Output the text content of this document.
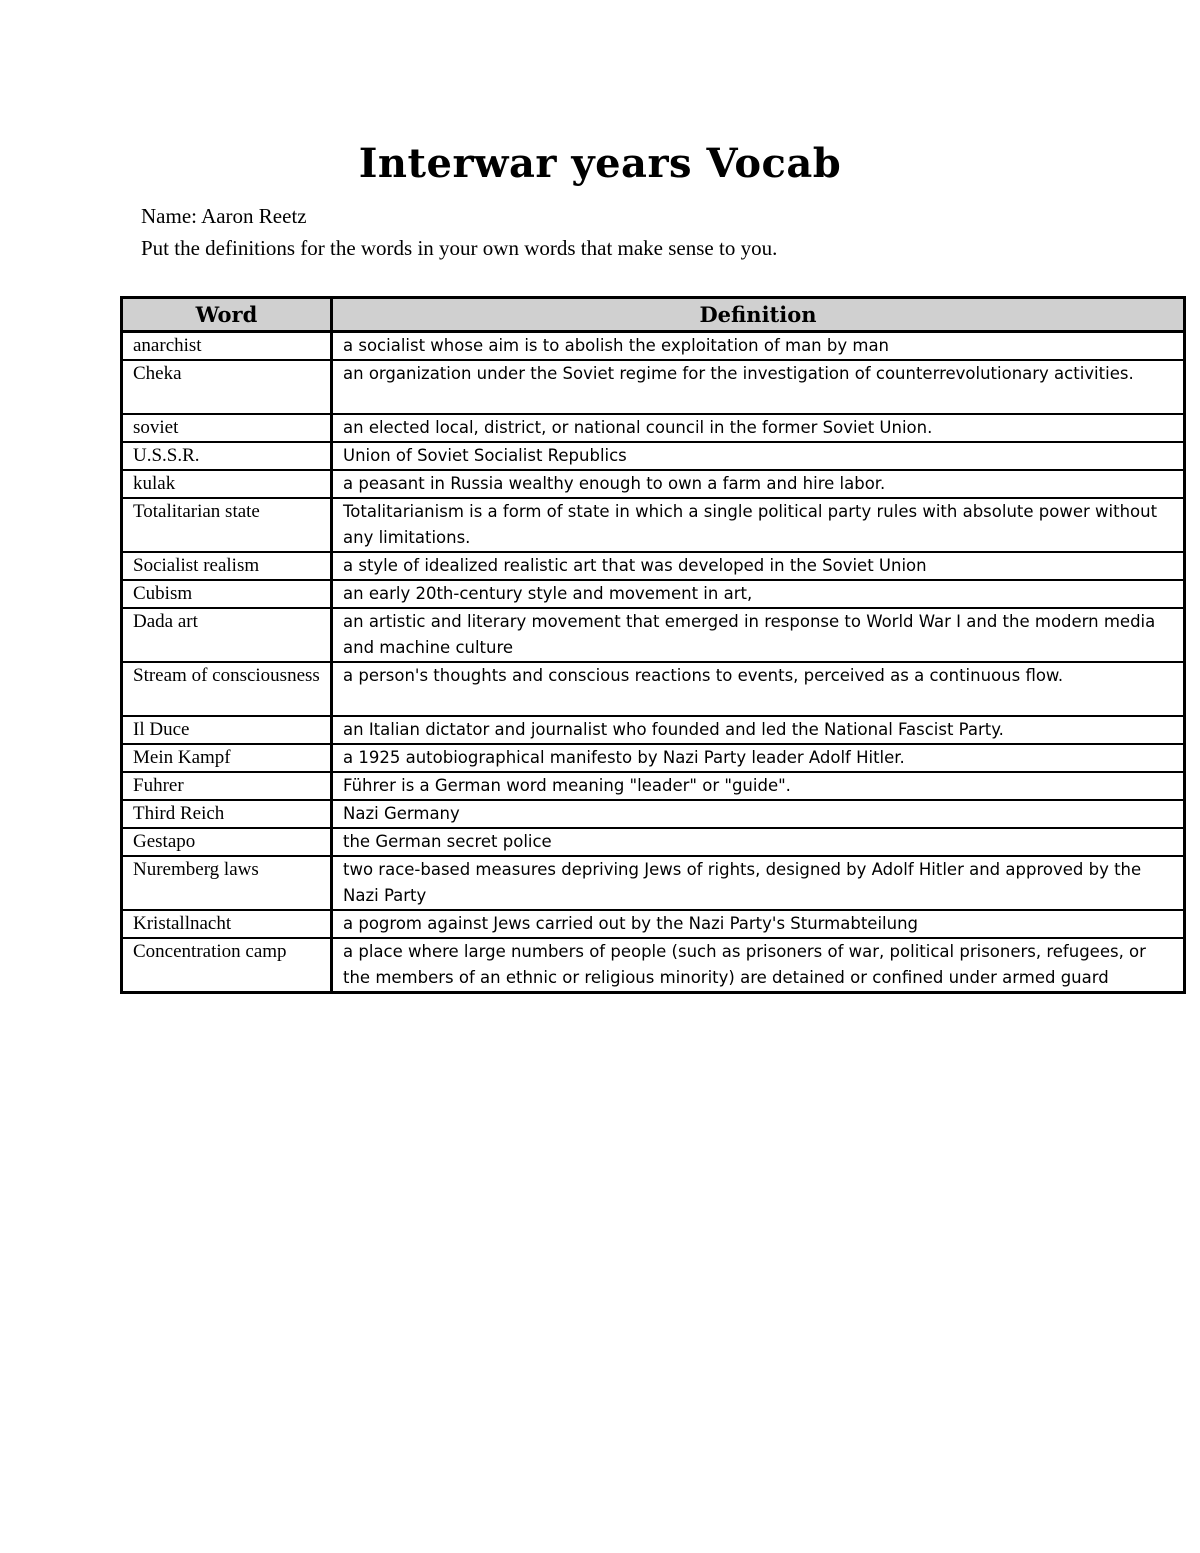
Interwar years Vocab
Name: Aaron Reetz
Put the definitions for the words in your own words that make sense to you.
Word	Definition
anarchist	a socialist whose aim is to abolish the exploitation of man by man
Cheka	an organization under the Soviet regime for the investigation of counterrevolutionary activities.
soviet	an elected local, district, or national council in the former Soviet Union.
U.S.S.R.	Union of Soviet Socialist Republics
kulak	a peasant in Russia wealthy enough to own a farm and hire labor.
Totalitarian state	Totalitarianism is a form of state in which a single political party rules with absolute power without any limitations.
Socialist realism	a style of idealized realistic art that was developed in the Soviet Union
Cubism	an early 20th-century style and movement in art,
Dada art	an artistic and literary movement that emerged in response to World War I and the modern media and machine culture
Stream of consciousness	a person's thoughts and conscious reactions to events, perceived as a continuous flow.
Il Duce	an Italian dictator and journalist who founded and led the National Fascist Party.
Mein Kampf	a 1925 autobiographical manifesto by Nazi Party leader Adolf Hitler.
Fuhrer	Führer is a German word meaning "leader" or "guide".
Third Reich	Nazi Germany
Gestapo	the German secret police
Nuremberg laws	two race-based measures depriving Jews of rights, designed by Adolf Hitler and approved by the Nazi Party
Kristallnacht	a pogrom against Jews carried out by the Nazi Party's Sturmabteilung
Concentration camp	a place where large numbers of people (such as prisoners of war, political prisoners, refugees, or the members of an ethnic or religious minority) are detained or confined under armed guard
